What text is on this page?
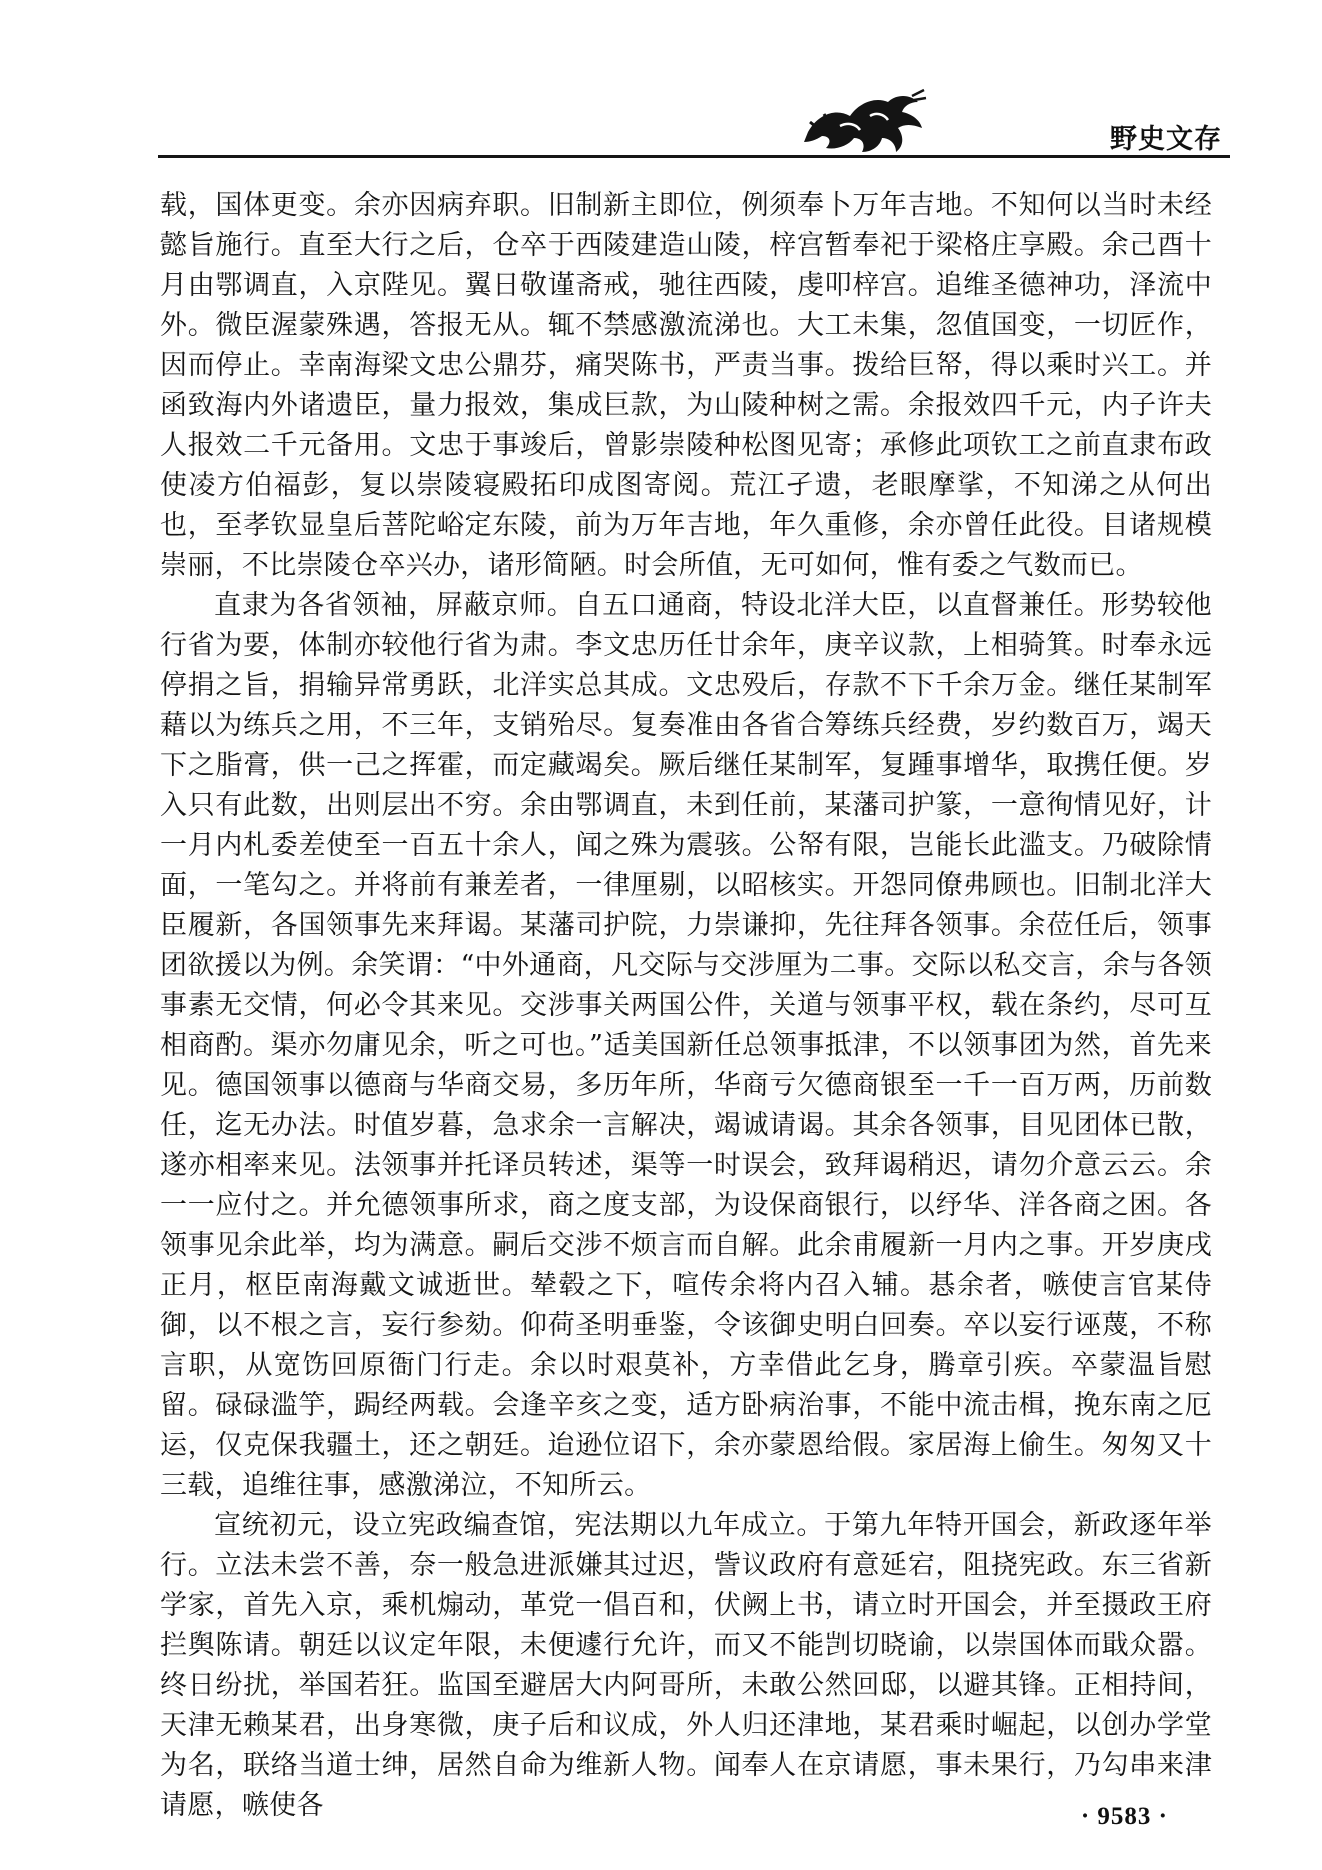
野史文存

载，国体更变。余亦因病弃职。旧制新主即位，例须奉卜万年吉地。不知何以当时未经懿旨施行。直至大行之后，仓卒于西陵建造山陵，梓宫暂奉祀于梁格庄享殿。余己酉十月由鄂调直，入京陛见。翼日敬谨斋戒，驰往西陵，虔叩梓宫。追维圣德神功，泽流中外。微臣渥蒙殊遇，答报无从。辄不禁感激流涕也。大工未集，忽值国变，一切匠作，因而停止。幸南海梁文忠公鼎芬，痛哭陈书，严责当事。拨给巨帑，得以乘时兴工。并函致海内外诸遗臣，量力报效，集成巨款，为山陵种树之需。余报效四千元，内子许夫人报效二千元备用。文忠于事竣后，曾影崇陵种松图见寄；承修此项钦工之前直隶布政使凌方伯福彭，复以崇陵寝殿拓印成图寄阅。荒江孑遗，老眼摩挲，不知涕之从何出也，至孝钦显皇后菩陀峪定东陵，前为万年吉地，年久重修，余亦曾任此役。目诸规模崇丽，不比崇陵仓卒兴办，诸形简陋。时会所值，无可如何，惟有委之气数而已。

直隶为各省领袖，屏蔽京师。自五口通商，特设北洋大臣，以直督兼任。形势较他行省为要，体制亦较他行省为肃。李文忠历任廿余年，庚辛议款，上相骑箕。时奉永远停捐之旨，捐输异常勇跃，北洋实总其成。文忠殁后，存款不下千余万金。继任某制军藉以为练兵之用，不三年，支销殆尽。复奏准由各省合筹练兵经费，岁约数百万，竭天下之脂膏，供一己之挥霍，而定藏竭矣。厥后继任某制军，复踵事增华，取携任便。岁入只有此数，出则层出不穷。余由鄂调直，未到任前，某藩司护篆，一意徇情见好，计一月内札委差使至一百五十余人，闻之殊为震骇。公帑有限，岂能长此滥支。乃破除情面，一笔勾之。并将前有兼差者，一律厘剔，以昭核实。开怨同僚弗顾也。旧制北洋大臣履新，各国领事先来拜谒。某藩司护院，力崇谦抑，先往拜各领事。余莅任后，领事团欲援以为例。余笑谓：“中外通商，凡交际与交涉厘为二事。交际以私交言，余与各领事素无交情，何必令其来见。交涉事关两国公件，关道与领事平权，载在条约，尽可互相商酌。渠亦勿庸见余，听之可也。”适美国新任总领事抵津，不以领事团为然，首先来见。德国领事以德商与华商交易，多历年所，华商亏欠德商银至一千一百万两，历前数任，迄无办法。时值岁暮，急求余一言解决，竭诚请谒。其余各领事，目见团体已散，遂亦相率来见。法领事并托译员转述，渠等一时误会，致拜谒稍迟，请勿介意云云。余一一应付之。并允德领事所求，商之度支部，为设保商银行，以纾华、洋各商之困。各领事见余此举，均为满意。嗣后交涉不烦言而自解。此余甫履新一月内之事。开岁庚戌正月，枢臣南海戴文诚逝世。辇毂之下，喧传余将内召入辅。惎余者，嗾使言官某侍御，以不根之言，妄行参劾。仰荷圣明垂鉴，令该御史明白回奏。卒以妄行诬蔑，不称言职，从宽饬回原衙门行走。余以时艰莫补，方幸借此乞身，腾章引疾。卒蒙温旨慰留。碌碌滥竽，跼经两载。会逢辛亥之变，适方卧病治事，不能中流击楫，挽东南之厄运，仅克保我疆土，还之朝廷。迨逊位诏下，余亦蒙恩给假。家居海上偷生。匆匆又十三载，追维往事，感激涕泣，不知所云。

宣统初元，设立宪政编查馆，宪法期以九年成立。于第九年特开国会，新政逐年举行。立法未尝不善，奈一般急进派嫌其过迟，訾议政府有意延宕，阻挠宪政。东三省新学家，首先入京，乘机煽动，革党一倡百和，伏阙上书，请立时开国会，并至摄政王府拦舆陈请。朝廷以议定年限，未便遽行允许，而又不能剀切晓谕，以崇国体而戢众嚣。终日纷扰，举国若狂。监国至避居大内阿哥所，未敢公然回邸，以避其锋。正相持间，天津无赖某君，出身寒微，庚子后和议成，外人归还津地，某君乘时崛起，以创办学堂为名，联络当道士绅，居然自命为维新人物。闻奉人在京请愿，事未果行，乃勾串来津请愿，嗾使各	· 9583 ·
